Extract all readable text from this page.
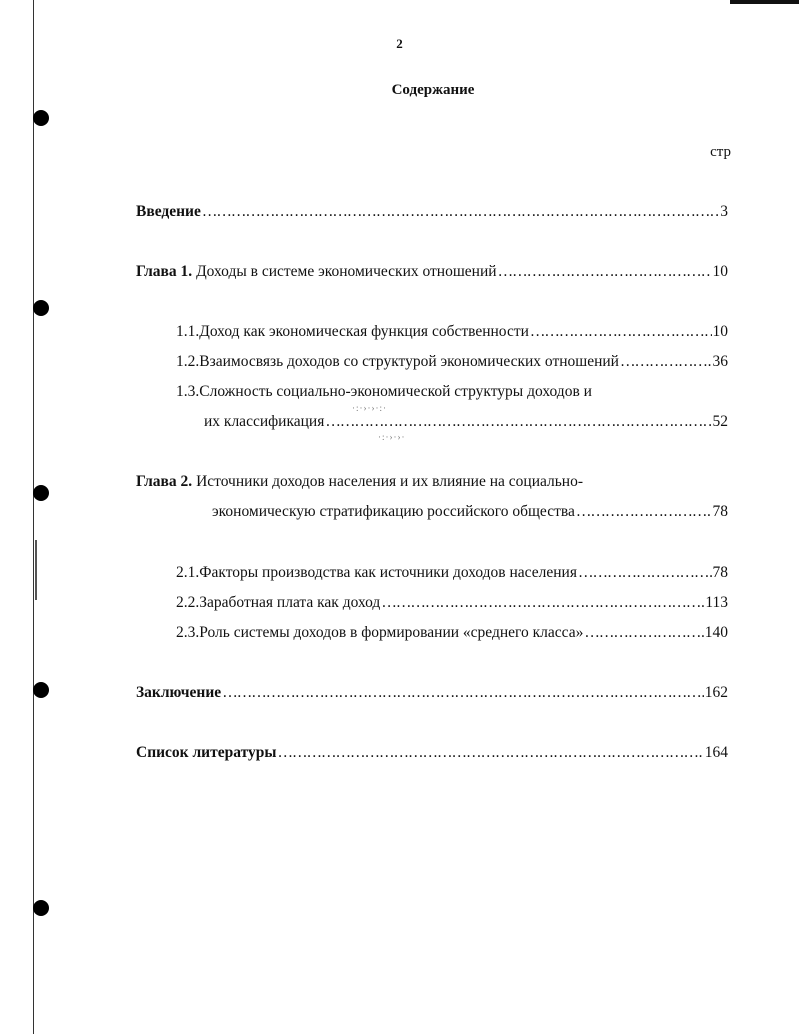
2
Содержание
стр
Введение ……………………………………………………………………………………………………………………………………………………	3
Глава 1.
Доходы в системе экономических отношений ……………………………………………………………………………………………………………………………………………………	10
1.1.Доход как экономическая функция собственности ……………………………………………………………………………………………………………………………………………………	10
1.2.Взаимосвязь доходов со структурой экономических отношений ……………………………………………………………………………………………………………………………………………………	36
1.3.Сложность социально-экономической структуры доходов и
·:·›·›·:·
·:·›·›·
их классификация ……………………………………………………………………………………………………………………………………………………	52
Глава 2. Источники доходов населения и их влияние на социально-
экономическую стратификацию российского общества ……………………………………………………………………………………………………………………………………………………	78
2.1.Факторы производства как источники доходов населения ……………………………………………………………………………………………………………………………………………………	78
2.2.Заработная плата как доход ……………………………………………………………………………………………………………………………………………………	113
2.3.Роль системы доходов в формировании «среднего класса» ……………………………………………………………………………………………………………………………………………………	140
Заключение ……………………………………………………………………………………………………………………………………………………	162
Список литературы ……………………………………………………………………………………………………………………………………………………	164
